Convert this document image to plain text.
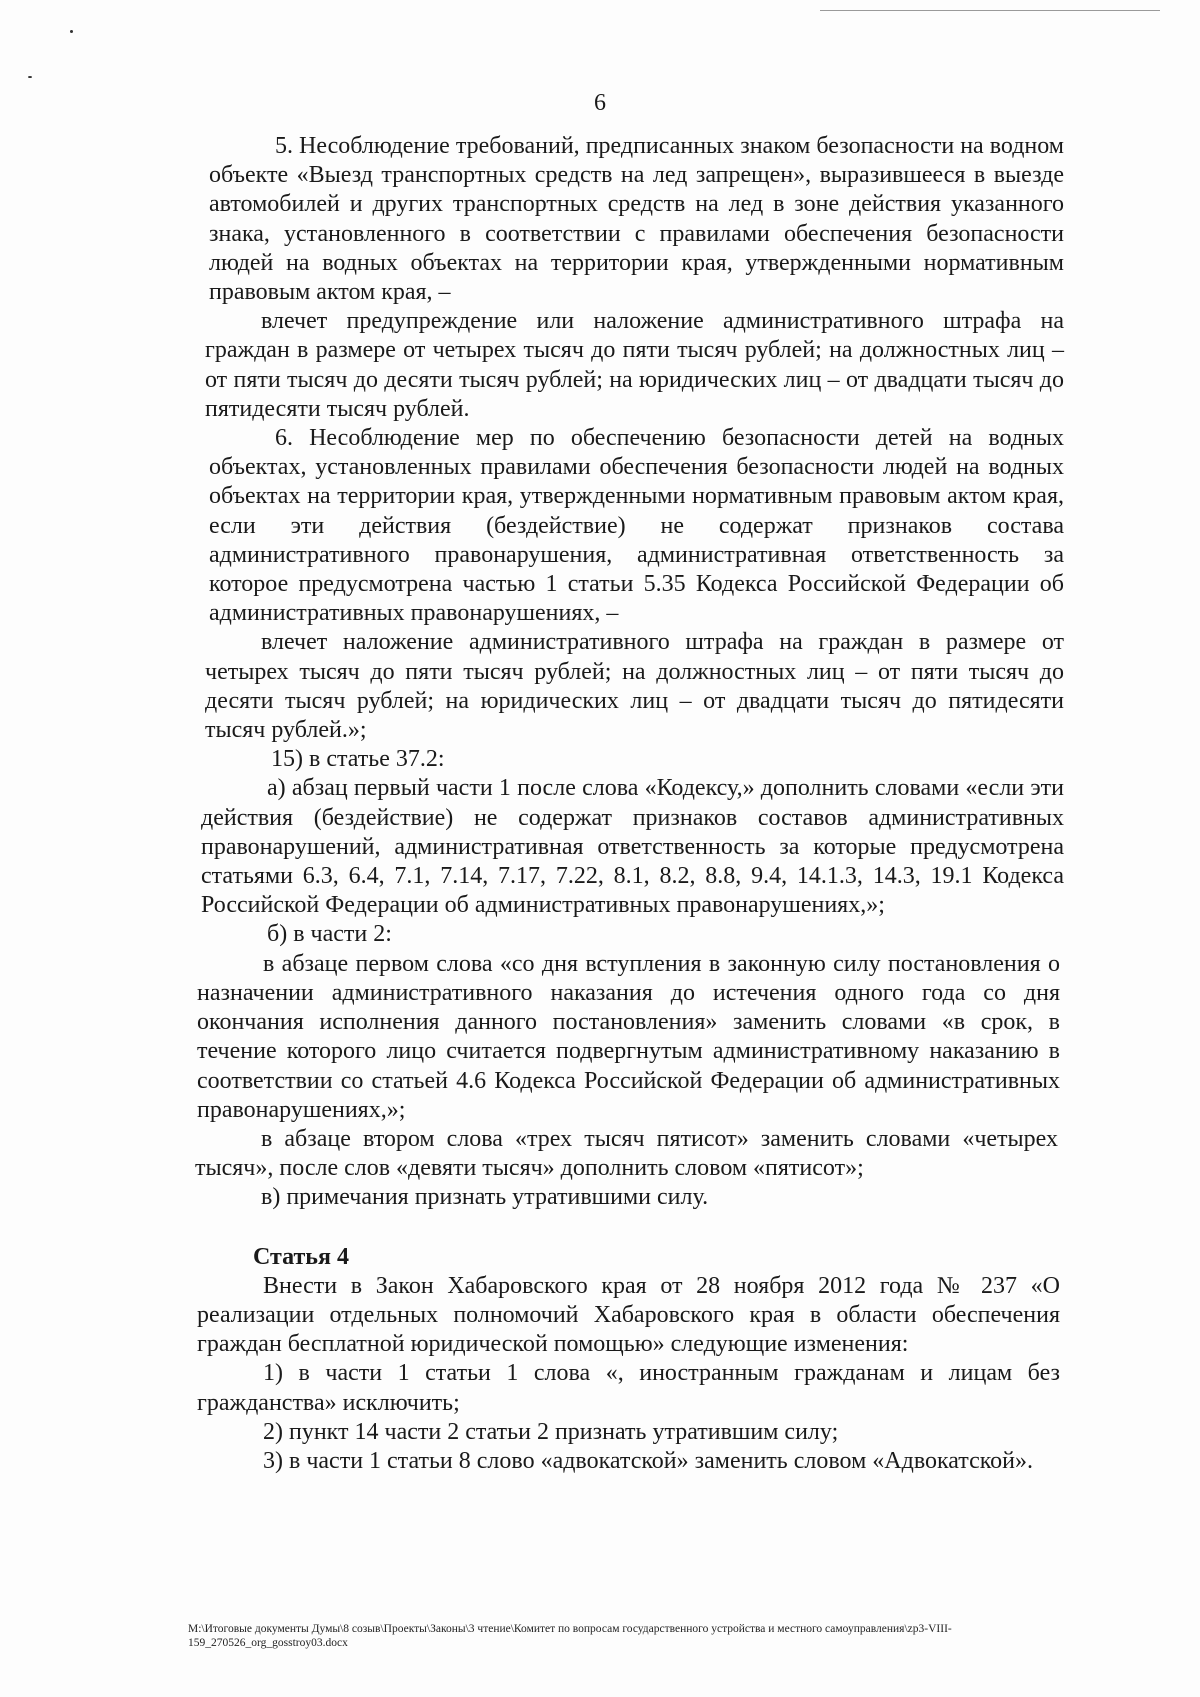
6

5. Несоблюдение требований, предписанных знаком безопасности на водном объекте «Выезд транспортных средств на лед запрещен», выразившееся в выезде автомобилей и других транспортных средств на лед в зоне действия указанного знака, установленного в соответствии с правилами обеспечения безопасности людей на водных объектах на территории края, утвержденными нормативным правовым актом края, –

влечет предупреждение или наложение административного штрафа на граждан в размере от четырех тысяч до пяти тысяч рублей; на должностных лиц – от пяти тысяч до десяти тысяч рублей; на юридических лиц – от двадцати тысяч до пятидесяти тысяч рублей.

6. Несоблюдение мер по обеспечению безопасности детей на водных объектах, установленных правилами обеспечения безопасности людей на водных объектах на территории края, утвержденными нормативным правовым актом края, если эти действия (бездействие) не содержат признаков состава административного правонарушения, административная ответственность за которое предусмотрена частью 1 статьи 5.35 Кодекса Российской Федерации об административных правонарушениях, –

влечет наложение административного штрафа на граждан в размере от четырех тысяч до пяти тысяч рублей; на должностных лиц – от пяти тысяч до десяти тысяч рублей; на юридических лиц – от двадцати тысяч до пятидесяти тысяч рублей.»;

15) в статье 37.2:

а) абзац первый части 1 после слова «Кодексу,» дополнить словами «если эти действия (бездействие) не содержат признаков составов административных правонарушений, административная ответственность за которые предусмотрена статьями 6.3, 6.4, 7.1, 7.14, 7.17, 7.22, 8.1, 8.2, 8.8, 9.4, 14.1.3, 14.3, 19.1 Кодекса Российской Федерации об административных правонарушениях,»;

б) в части 2:

в абзаце первом слова «со дня вступления в законную силу постановления о назначении административного наказания до истечения одного года со дня окончания исполнения данного постановления» заменить словами «в срок, в течение которого лицо считается подвергнутым административному наказанию в соответствии со статьей 4.6 Кодекса Российской Федерации об административных правонарушениях,»;

в абзаце втором слова «трех тысяч пятисот» заменить словами «четырех тысяч», после слов «девяти тысяч» дополнить словом «пятисот»;

в) примечания признать утратившими силу.

Статья 4

Внести в Закон Хабаровского края от 28 ноября 2012 года № 237 «О реализации отдельных полномочий Хабаровского края в области обеспечения граждан бесплатной юридической помощью» следующие изменения:

1) в части 1 статьи 1 слова «, иностранным гражданам и лицам без гражданства» исключить;

2) пункт 14 части 2 статьи 2 признать утратившим силу;

3) в части 1 статьи 8 слово «адвокатской» заменить словом «Адвокатской».

M:\Итоговые документы Думы\8 созыв\Проекты\Законы\3 чтение\Комитет по вопросам государственного устройства и местного самоуправления\zp3-VIII-159_270526_org_gosstroy03.docx
